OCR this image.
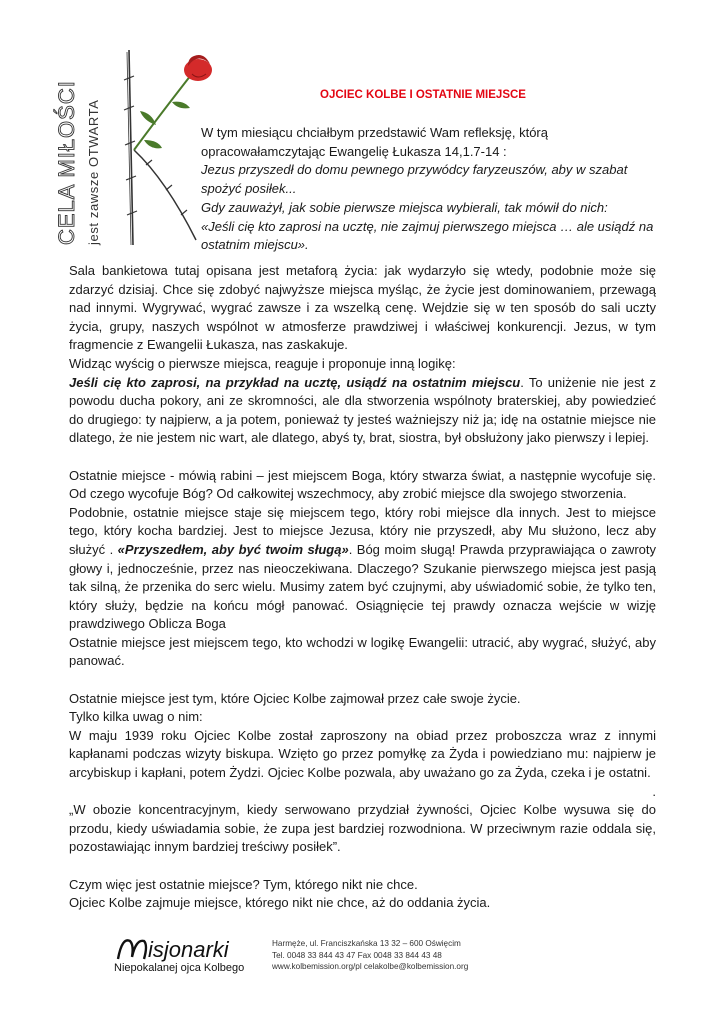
CELA MIŁOŚCI jest zawsze OTWARTA
OJCIEC KOLBE I OSTATNIE MIEJSCE

W tym miesiącu chciałbym przedstawić Wam refleksję, którą

opracowałamczytając Ewangelię Łukasza 14,1.7-14 :

Jezus przyszedł do domu pewnego przywódcy faryzeuszów, aby w szabat

spożyć posiłek...

Gdy zauważył, jak sobie pierwsze miejsca wybierali, tak mówił do nich:

«Jeśli cię kto zaprosi na ucztę, nie zajmuj pierwszego miejsca … ale usiądź na

ostatnim miejscu».

Sala bankietowa tutaj opisana jest metaforą życia: jak wydarzyło się wtedy, podobnie może się zdarzyć dzisiaj. Chce się zdobyć najwyższe miejsca myśląc, że życie jest dominowaniem, przewagą nad innymi. Wygrywać, wygrać zawsze i za wszelką cenę. Wejdzie się w ten sposób do sali uczty życia, grupy, naszych wspólnot w atmosferze prawdziwej i właściwej konkurencji. Jezus, w tym fragmencie z Ewangelii Łukasza, nas zaskakuje.

Widząc wyścig o pierwsze miejsca, reaguje i proponuje inną logikę:

Jeśli cię kto zaprosi, na przykład na ucztę, usiądź na ostatnim miejscu. To uniżenie nie jest z powodu ducha pokory, ani ze skromności, ale dla stworzenia wspólnoty braterskiej, aby powiedzieć do drugiego: ty najpierw, a ja potem, ponieważ ty jesteś ważniejszy niż ja; idę na ostatnie miejsce nie dlatego, że nie jestem nic wart, ale dlatego, abyś ty, brat, siostra, był obsłużony jako pierwszy i lepiej.

Ostatnie miejsce - mówią rabini – jest miejscem Boga, który stwarza świat, a następnie wycofuje się. Od czego wycofuje Bóg? Od całkowitej wszechmocy, aby zrobić miejsce dla swojego stworzenia.

Podobnie, ostatnie miejsce staje się miejscem tego, który robi miejsce dla innych. Jest to miejsce tego, który kocha bardziej. Jest to miejsce Jezusa, który nie przyszedł, aby Mu służono, lecz aby służyć . «Przyszedłem, aby być twoim sługą». Bóg moim sługą! Prawda przyprawiająca o zawroty głowy i, jednocześnie, przez nas nieoczekiwana. Dlaczego? Szukanie pierwszego miejsca jest pasją tak silną, że przenika do serc wielu. Musimy zatem być czujnymi, aby uświadomić sobie, że tylko ten, który służy, będzie na końcu mógł panować. Osiągnięcie tej prawdy oznacza wejście w wizję prawdziwego Oblicza Boga

Ostatnie miejsce jest miejscem tego, kto wchodzi w logikę Ewangelii: utracić, aby wygrać, służyć, aby panować.

Ostatnie miejsce jest tym, które Ojciec Kolbe zajmował przez całe swoje życie.

Tylko kilka uwag o nim:

W maju 1939 roku Ojciec Kolbe został zaproszony na obiad przez proboszcza wraz z innymi kapłanami podczas wizyty biskupa. Wzięto go przez pomyłkę za Żyda i powiedziano mu: najpierw je arcybiskup i kapłani, potem Żydzi. Ojciec Kolbe pozwala, aby uważano go za Żyda, czeka i je ostatni.

.

„W obozie koncentracyjnym, kiedy serwowano przydział żywności, Ojciec Kolbe wysuwa się do przodu, kiedy uświadamia sobie, że zupa jest bardziej rozwodniona. W przeciwnym razie oddala się, pozostawiając innym bardziej treściwy posiłek”.

Czym więc jest ostatnie miejsce? Tym, którego nikt nie chce.

Ojciec Kolbe zajmuje miejsce, którego nikt nie chce, aż do oddania życia.

isjonarki
Niepokalanej ojca Kolbego
Harmęże, ul. Franciszkańska 13 32 – 600 Oświęcim
Tel. 0048 33 844 43 47 Fax 0048 33 844 43 48
www.kolbemission.org/pl celakolbe@kolbemission.org
